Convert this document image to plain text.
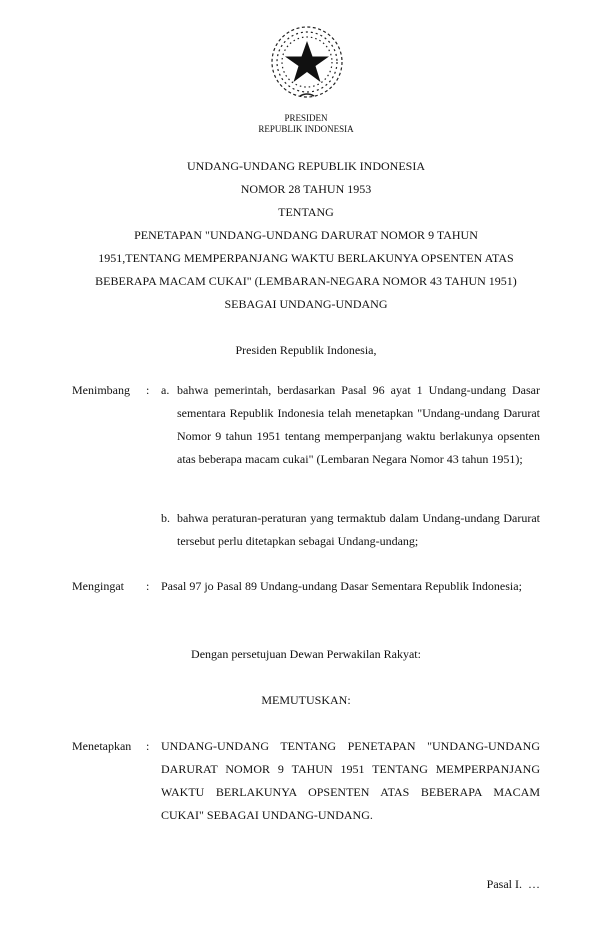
PRESIDEN
REPUBLIK INDONESIA
UNDANG-UNDANG REPUBLIK INDONESIA
NOMOR 28 TAHUN 1953
TENTANG
PENETAPAN "UNDANG-UNDANG DARURAT NOMOR 9 TAHUN
1951,TENTANG MEMPERPANJANG WAKTU BERLAKUNYA OPSENTEN ATAS
BEBERAPA MACAM CUKAI" (LEMBARAN-NEGARA NOMOR 43 TAHUN 1951)
SEBAGAI UNDANG-UNDANG
Presiden Republik Indonesia,
Menimbang : a. bahwa pemerintah, berdasarkan Pasal 96 ayat 1 Undang-undang Dasar sementara Republik Indonesia telah menetapkan "Undang-undang Darurat Nomor 9 tahun 1951 tentang memperpanjang waktu berlakunya opsenten atas beberapa macam cukai" (Lembaran Negara Nomor 43 tahun 1951);
b. bahwa peraturan-peraturan yang termaktub dalam Undang-undang Darurat tersebut perlu ditetapkan sebagai Undang-undang;
Mengingat : Pasal 97 jo Pasal 89 Undang-undang Dasar Sementara Republik Indonesia;
Dengan persetujuan Dewan Perwakilan Rakyat:
MEMUTUSKAN:
Menetapkan : UNDANG-UNDANG TENTANG PENETAPAN "UNDANG-UNDANG DARURAT NOMOR 9 TAHUN 1951 TENTANG MEMPERPANJANG WAKTU BERLAKUNYA OPSENTEN ATAS BEBERAPA MACAM CUKAI" SEBAGAI UNDANG-UNDANG.
Pasal I.  …
